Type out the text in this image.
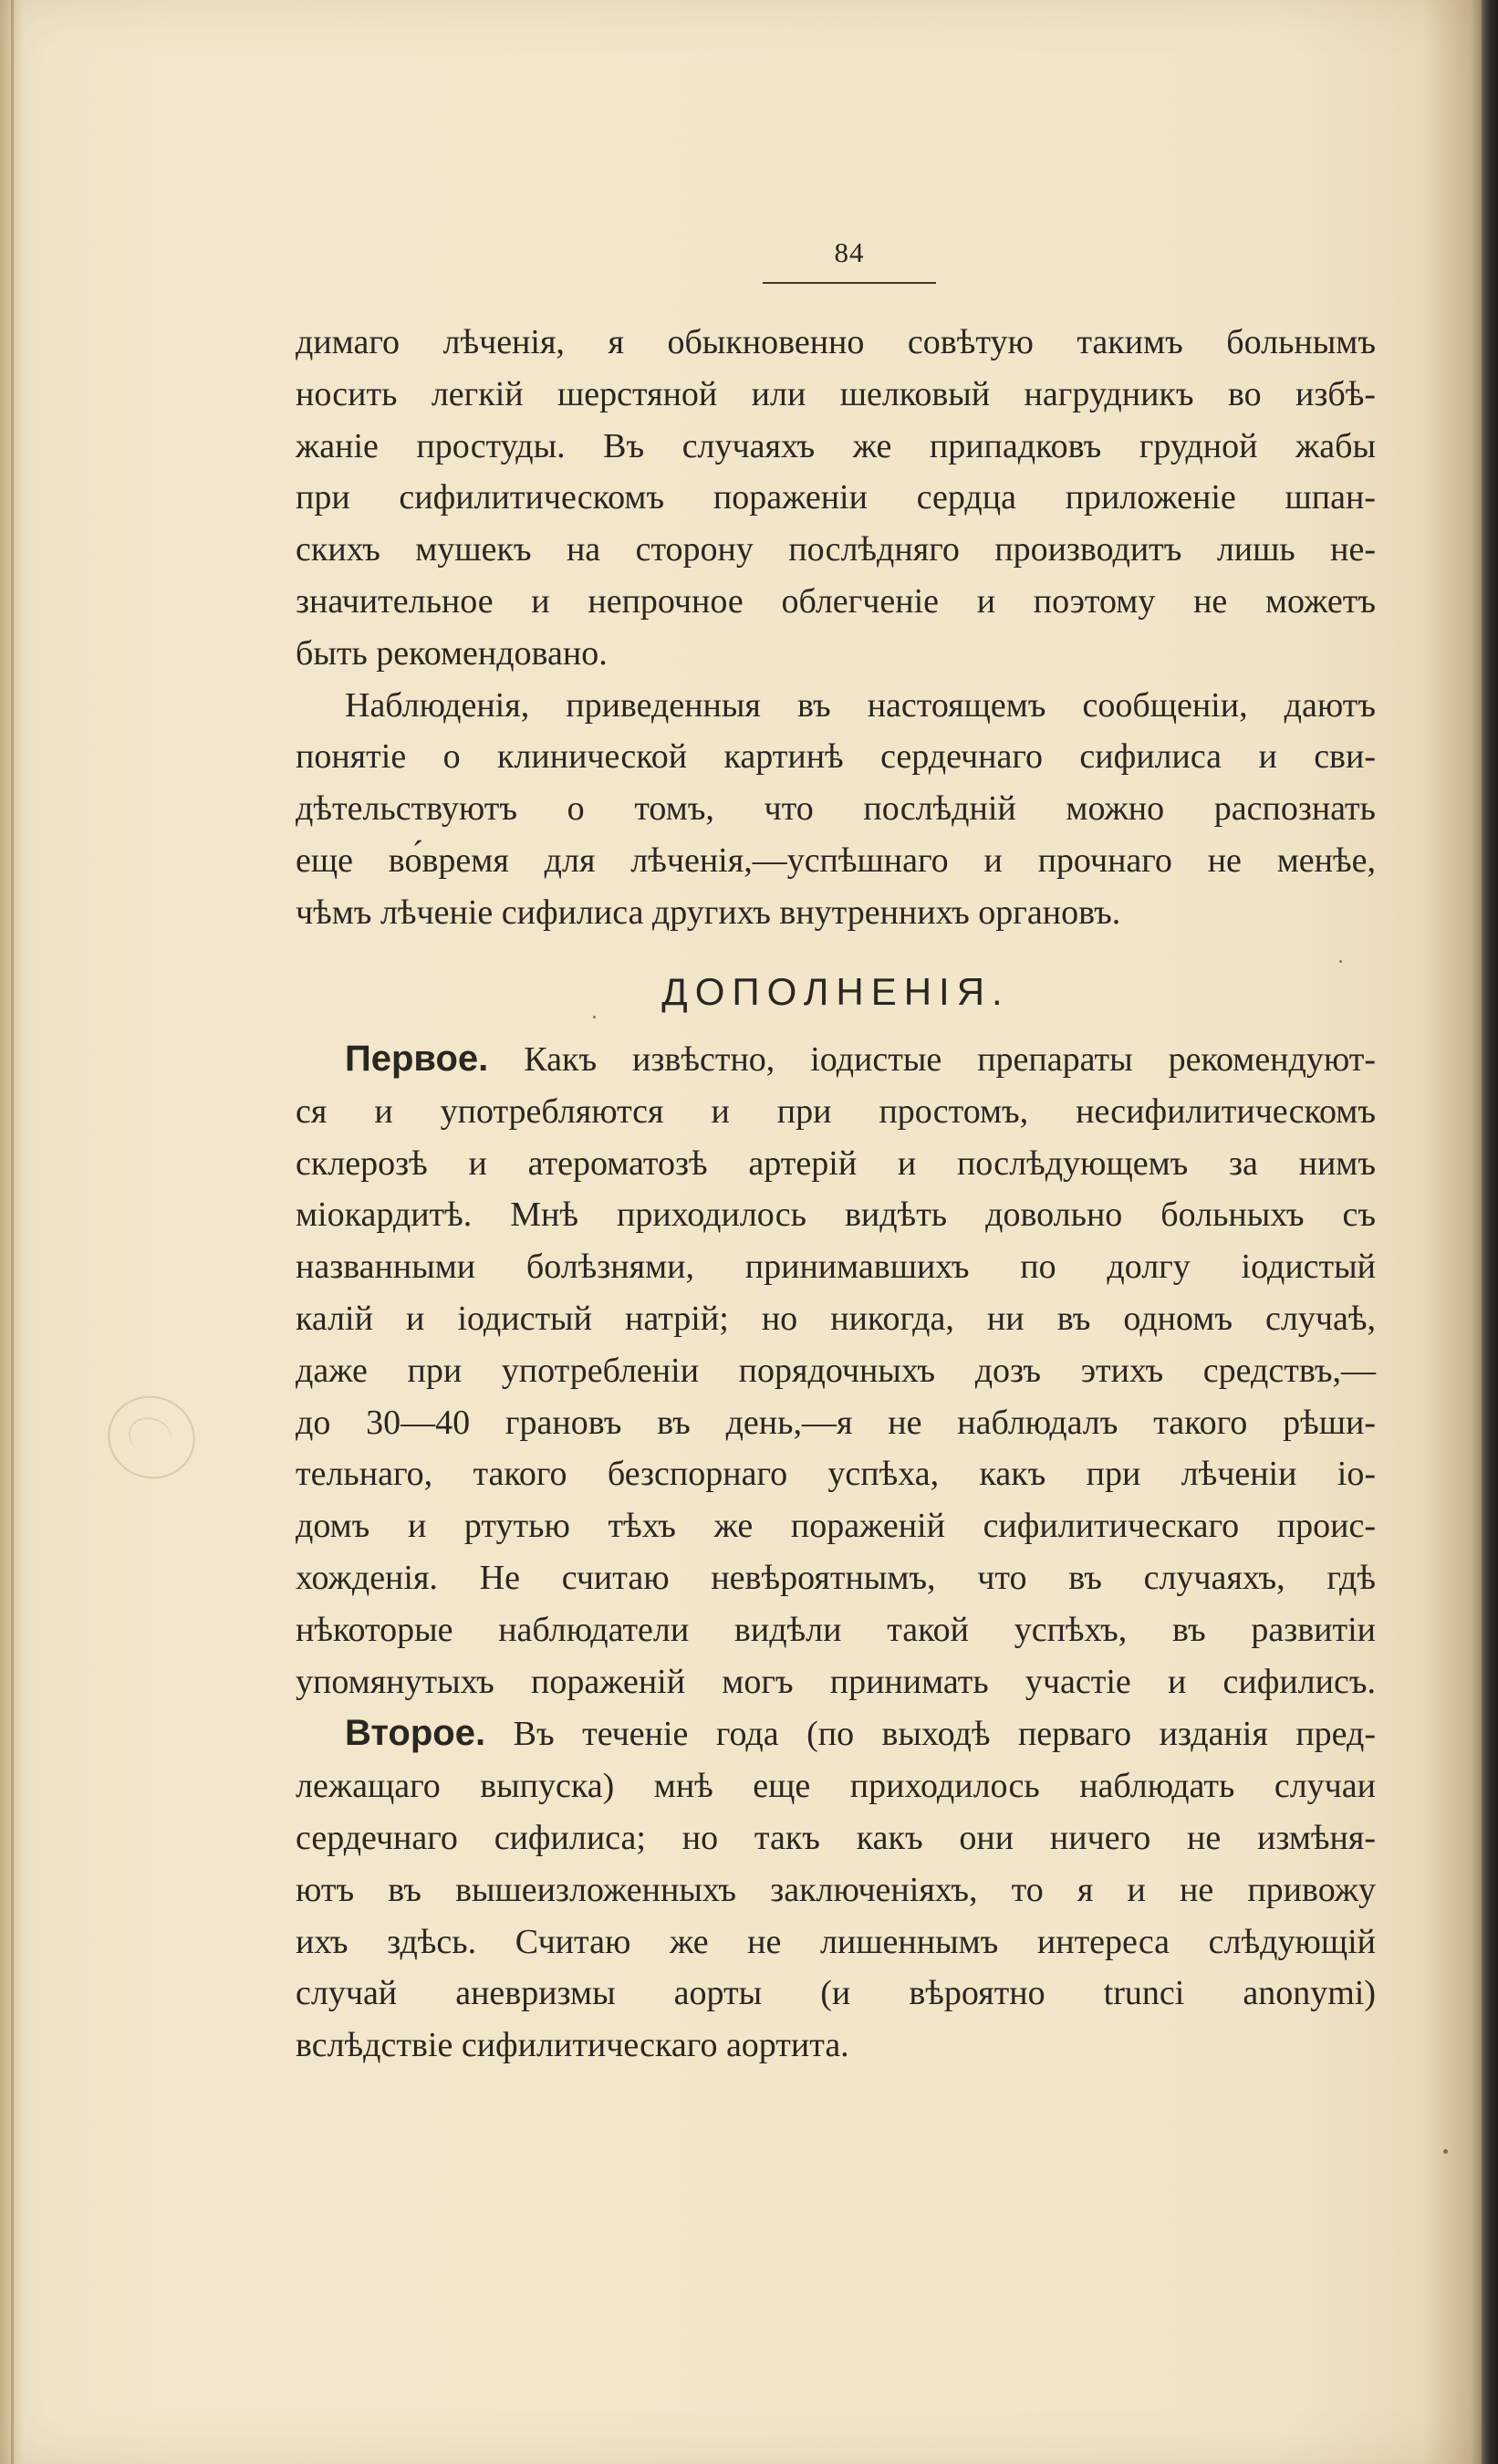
84

димаго лѣченія, я обыкновенно совѣтую такимъ больнымъ
носить легкій шерстяной или шелковый нагрудникъ во избѣ-
жаніе простуды. Въ случаяхъ же припадковъ грудной жабы
при сифилитическомъ пораженіи сердца приложеніе шпан-
скихъ мушекъ на сторону послѣдняго производитъ лишь не-
значительное и непрочное облегченіе и поэтому не можетъ
быть рекомендовано.

Наблюденія, приведенныя въ настоящемъ сообщеніи, даютъ
понятіе о клинической картинѣ сердечнаго сифилиса и сви-
дѣтельствуютъ о томъ, что послѣдній можно распознать
еще во́время для лѣченія,—успѣшнаго и прочнаго не менѣе,
чѣмъ лѣченіе сифилиса другихъ внутреннихъ органовъ.

ДОПОЛНЕНІЯ.

Первое. Какъ извѣстно, іодистые препараты рекомендуют-
ся и употребляются и при простомъ, несифилитическомъ
склерозѣ и атероматозѣ артерій и послѣдующемъ за нимъ
міокардитѣ. Мнѣ приходилось видѣть довольно больныхъ съ
названными болѣзнями, принимавшихъ по долгу іодистый
калій и іодистый натрій; но никогда, ни въ одномъ случаѣ,
даже при употребленіи порядочныхъ дозъ этихъ средствъ,—
до 30—40 грановъ въ день,—я не наблюдалъ такого рѣши-
тельнаго, такого безспорнаго успѣха, какъ при лѣченіи іо-
домъ и ртутью тѣхъ же пораженій сифилитическаго проис-
хожденія. Не считаю невѣроятнымъ, что въ случаяхъ, гдѣ
нѣкоторые наблюдатели видѣли такой успѣхъ, въ развитіи
упомянутыхъ пораженій могъ принимать участіе и сифилисъ.

Второе. Въ теченіе года (по выходѣ перваго изданія пред-
лежащаго выпуска) мнѣ еще приходилось наблюдать случаи
сердечнаго сифилиса; но такъ какъ они ничего не измѣня-
ютъ въ вышеизложенныхъ заключеніяхъ, то я и не привожу
ихъ здѣсь. Считаю же не лишеннымъ интереса слѣдующій
случай аневризмы аорты (и вѣроятно trunci anonymi)
вслѣдствіе сифилитическаго аортита.
